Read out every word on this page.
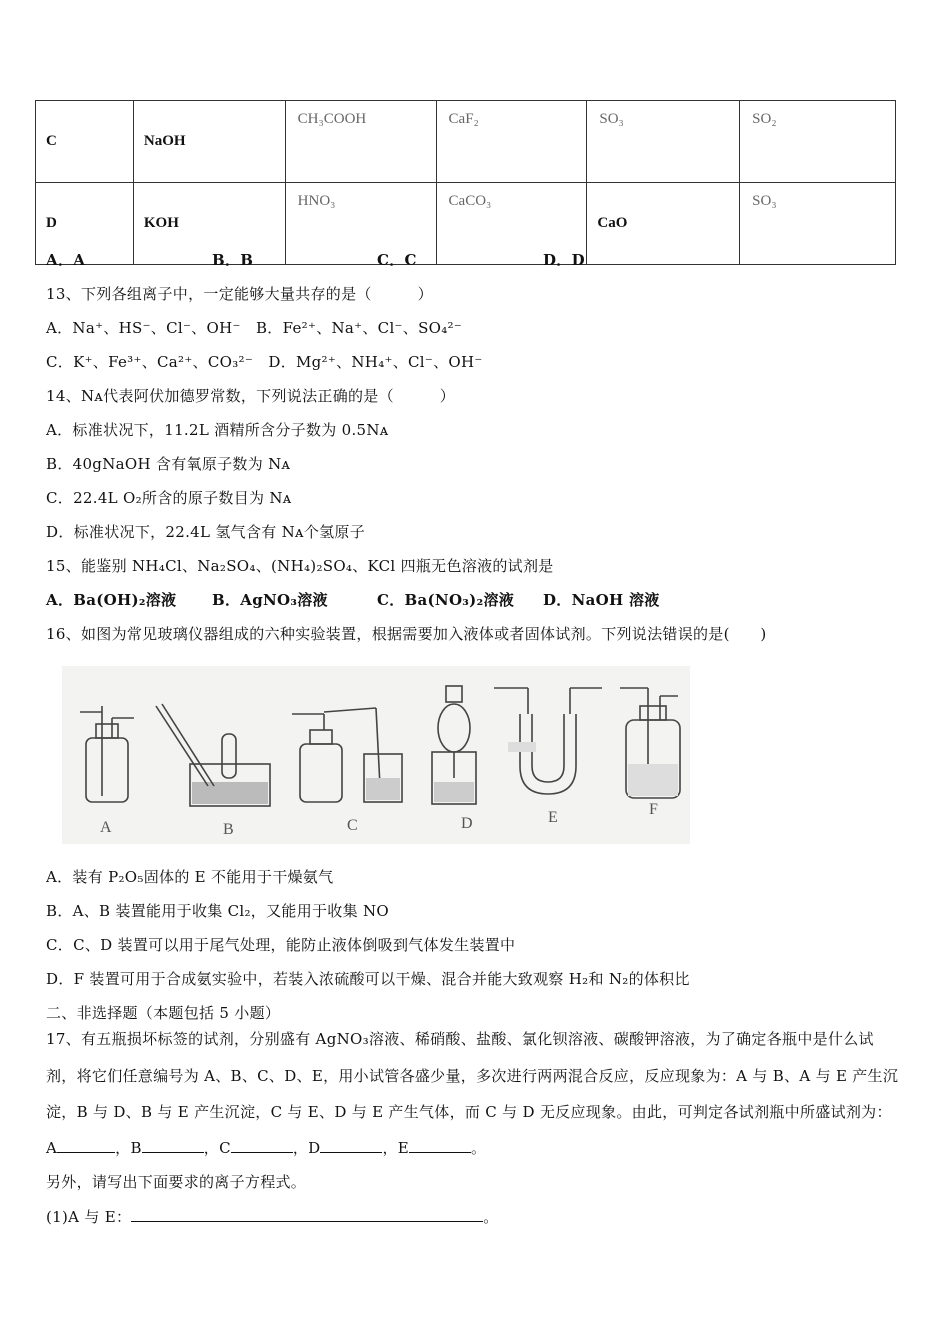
C	NaOH	CH₃COOH	CaF₂	SO₃	SO₂
D	KOH	HNO₃	CaCO₃	CaO	SO₃
A．A	B．B	C．C	D．D
13、下列各组离子中，一定能够大量共存的是（　　　）
A．Na⁺、HS⁻、Cl⁻、OH⁻　B．Fe²⁺、Na⁺、Cl⁻、SO₄²⁻
C．K⁺、Fe³⁺、Ca²⁺、CO₃²⁻　D．Mg²⁺、NH₄⁺、Cl⁻、OH⁻
14、Nᴀ代表阿伏加德罗常数，下列说法正确的是（　　　）
A．标准状况下，11.2L 酒精所含分子数为 0.5Nᴀ
B．40gNaOH 含有氧原子数为 Nᴀ
C．22.4L O₂所含的原子数目为 Nᴀ
D．标准状况下，22.4L 氢气含有 Nᴀ个氢原子
15、能鉴别 NH₄Cl、Na₂SO₄、(NH₄)₂SO₄、KCl 四瓶无色溶液的试剂是
A．Ba(OH)₂溶液 B．AgNO₃溶液	C．Ba(NO₃)₂溶液 D．NaOH 溶液
16、如图为常见玻璃仪器组成的六种实验装置，根据需要加入液体或者固体试剂。下列说法错误的是(　　)
A	B	C	D	E	F
A．装有 P₂O₅固体的 E 不能用于干燥氨气
B．A、B 装置能用于收集 Cl₂，又能用于收集 NO
C．C、D 装置可以用于尾气处理，能防止液体倒吸到气体发生装置中
D．F 装置可用于合成氨实验中，若装入浓硫酸可以干燥、混合并能大致观察 H₂和 N₂的体积比
二、非选择题（本题包括 5 小题）
17、有五瓶损坏标签的试剂，分别盛有 AgNO₃溶液、稀硝酸、盐酸、氯化钡溶液、碳酸钾溶液，为了确定各瓶中是什么试
剂，将它们任意编号为 A、B、C、D、E，用小试管各盛少量，多次进行两两混合反应，反应现象为：A 与 B、A 与 E 产生沉
淀，B 与 D、B 与 E 产生沉淀，C 与 E、D 与 E 产生气体，而 C 与 D 无反应现象。由此，可判定各试剂瓶中所盛试剂为：
A	，B	，C	，D	，E	。
另外，请写出下面要求的离子方程式。
(1)A 与 E：	。
